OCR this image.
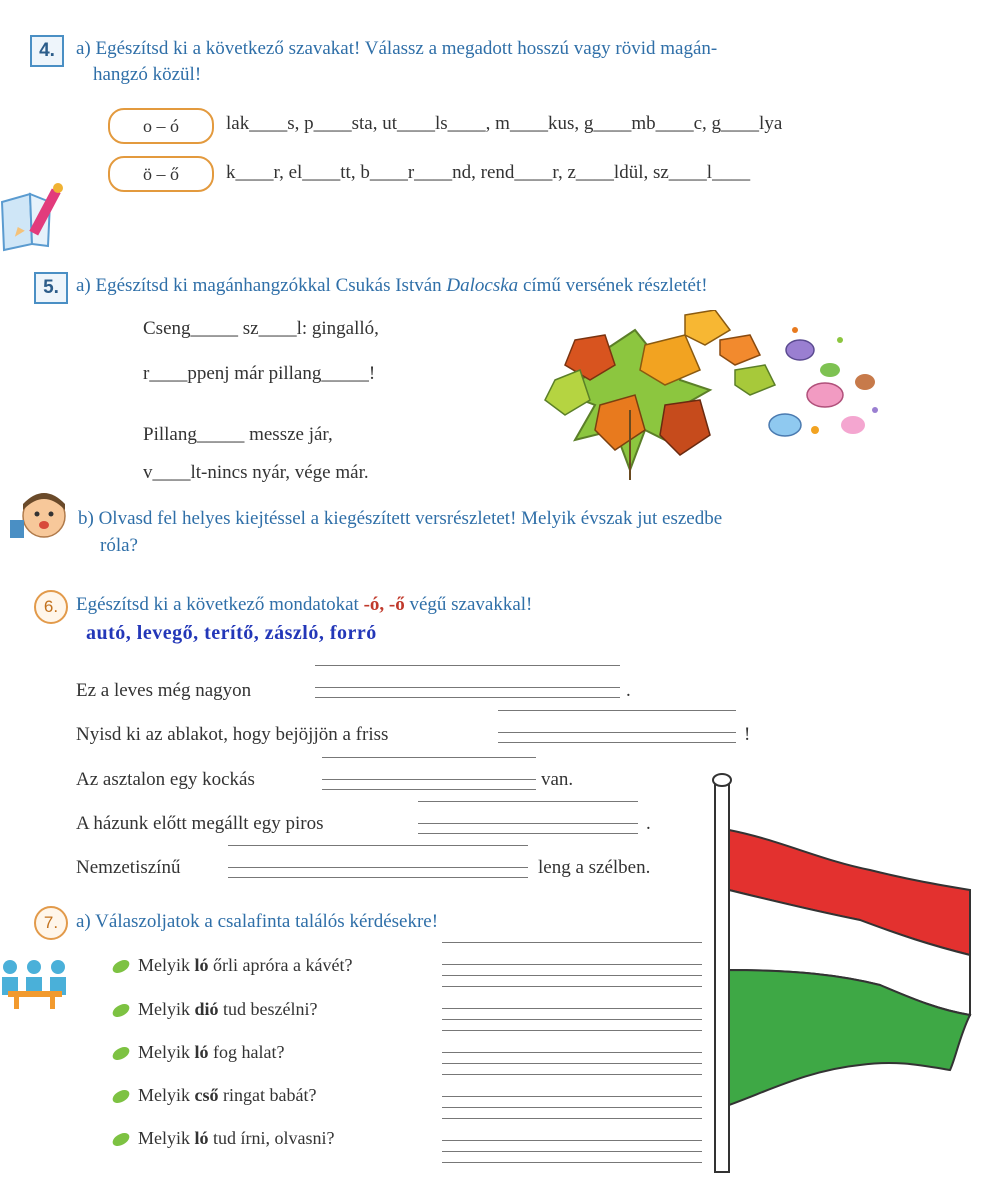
4.	a) Egészítsd ki a következő szavakat! Válassz a megadott hosszú vagy rövid magán-
hangzó közül!
o – ó	lak____s, p____sta, ut____ls____, m____kus, g____mb____c, g____lya
ö – ő	k____r, el____tt, b____r____nd, rend____r, z____ldül, sz____l____
5. a) Egészítsd ki magánhangzókkal Csukás István Dalocska című versének részletét!
Cseng_____ sz____l: gingalló,
r____ppenj már pillang_____!
Pillang_____ messze jár,
v____lt-nincs nyár, vége már.
b) Olvasd fel helyes kiejtéssel a kiegészített versrészletet! Melyik évszak jut eszedbe
róla?
6. Egészítsd ki a következő mondatokat -ó, -ő végű szavakkal!
autó, levegő, terítő, zászló, forró
Ez a leves még nagyon	.
Nyisd ki az ablakot, hogy bejöjjön a friss	!
Az asztalon egy kockás	van.
A házunk előtt megállt egy piros	.
Nemzetiszínű	leng a szélben.
7. a) Válaszoljatok a csalafinta találós kérdésekre!
Melyik ló őrli apróra a kávét?
Melyik dió tud beszélni?
Melyik ló fog halat?
Melyik cső ringat babát?
Melyik ló tud írni, olvasni?
